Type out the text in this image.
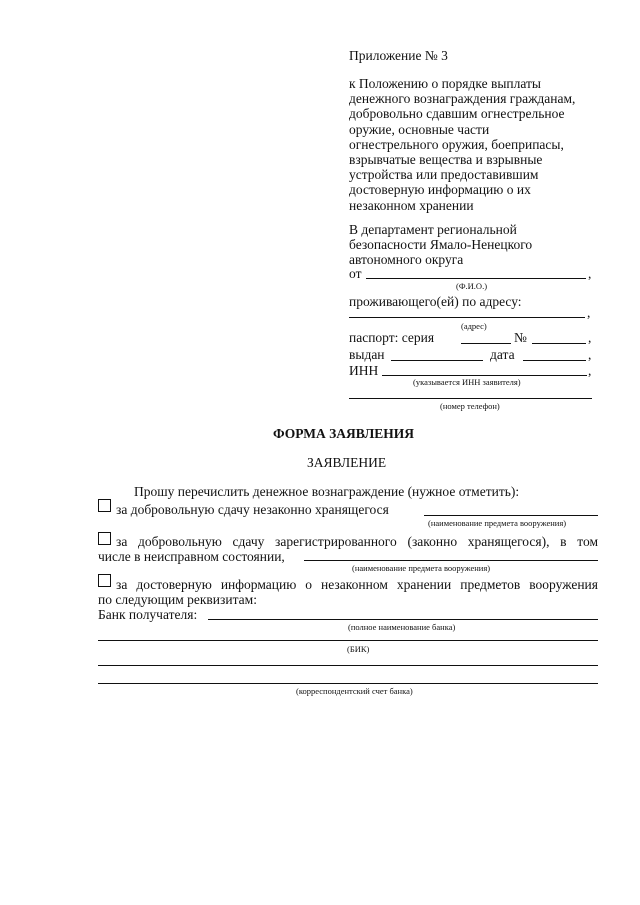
Приложение № 3
к Положению о порядке выплаты
денежного вознаграждения гражданам,
добровольно сдавшим огнестрельное
оружие, основные части
огнестрельного оружия, боеприпасы,
взрывчатые вещества и взрывные
устройства или предоставившим
достоверную информацию о их
незаконном хранении
В департамент региональной
безопасности Ямало-Ненецкого
автономного округа
от	,
(Ф.И.О.)
проживающего(ей) по адресу:
,
(адрес)
паспорт: серия	№	,
выдан	дата	,
ИНН	,
(указывается ИНН заявителя)
(номер телефон)
ФОРМА ЗАЯВЛЕНИЯ
ЗАЯВЛЕНИЕ
Прошу перечислить денежное вознаграждение (нужное отметить):
за добровольную сдачу незаконно хранящегося
(наименование предмета вооружения)
за добровольную сдачу зарегистрированного (законно хранящегося), в том
числе в неисправном состоянии,
(наименование предмета вооружения)
за достоверную информацию о незаконном хранении предметов вооружения
по следующим реквизитам:
Банк получателя:
(полное наименование банка)
(БИК)
(корреспондентский счет банка)
